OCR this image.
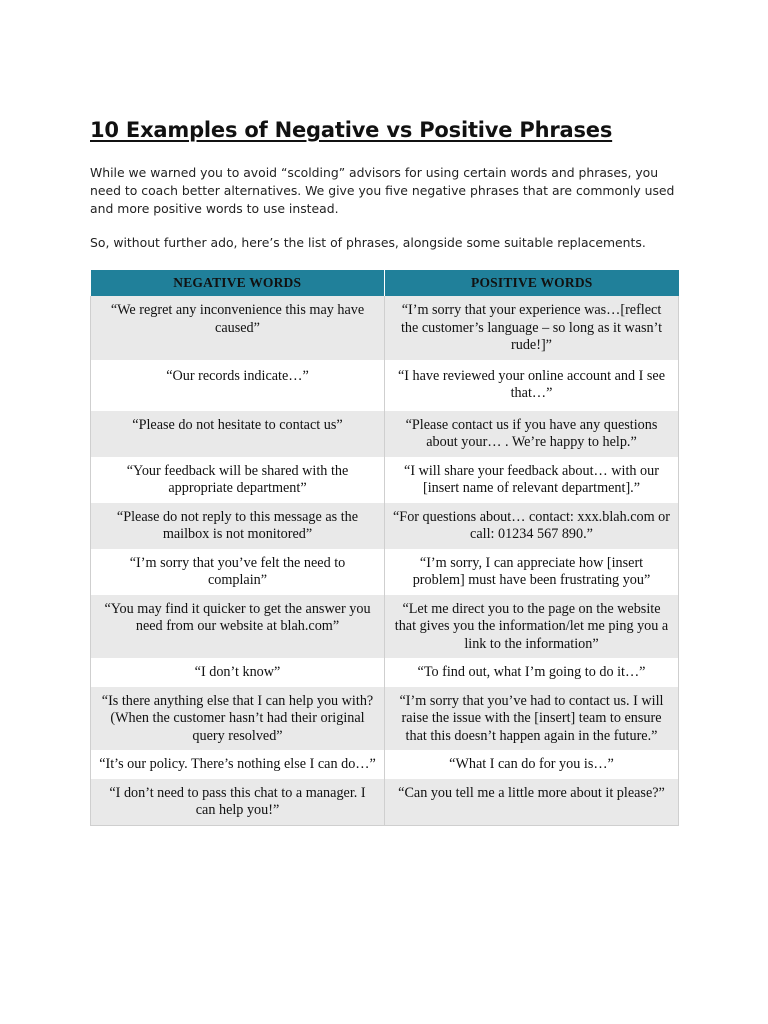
10 Examples of Negative vs Positive Phrases

While we warned you to avoid “scolding” advisors for using certain words and phrases, you need to coach better alternatives. We give you five negative phrases that are commonly used and more positive words to use instead.

So, without further ado, here’s the list of phrases, alongside some suitable replacements.

NEGATIVE WORDS	POSITIVE WORDS
“We regret any inconvenience this may have caused”	“I’m sorry that your experience was…[reflect the customer’s language – so long as it wasn’t rude!]”
“Our records indicate…”	“I have reviewed your online account and I see that…”
“Please do not hesitate to contact us”	“Please contact us if you have any questions about your… . We’re happy to help.”
“Your feedback will be shared with the appropriate department”	“I will share your feedback about… with our [insert name of relevant department].”
“Please do not reply to this message as the mailbox is not monitored”	“For questions about… contact: xxx.blah.com or call: 01234 567 890.”
“I’m sorry that you’ve felt the need to complain”	“I’m sorry, I can appreciate how [insert problem] must have been frustrating you”
“You may find it quicker to get the answer you need from our website at blah.com”	“Let me direct you to the page on the website that gives you the information/let me ping you a link to the information”
“I don’t know”	“To find out, what I’m going to do it…”
“Is there anything else that I can help you with? (When the customer hasn’t had their original query resolved”	“I’m sorry that you’ve had to contact us. I will raise the issue with the [insert] team to ensure that this doesn’t happen again in the future.”
“It’s our policy. There’s nothing else I can do…”	“What I can do for you is…”
“I don’t need to pass this chat to a manager. I can help you!”	“Can you tell me a little more about it please?”
